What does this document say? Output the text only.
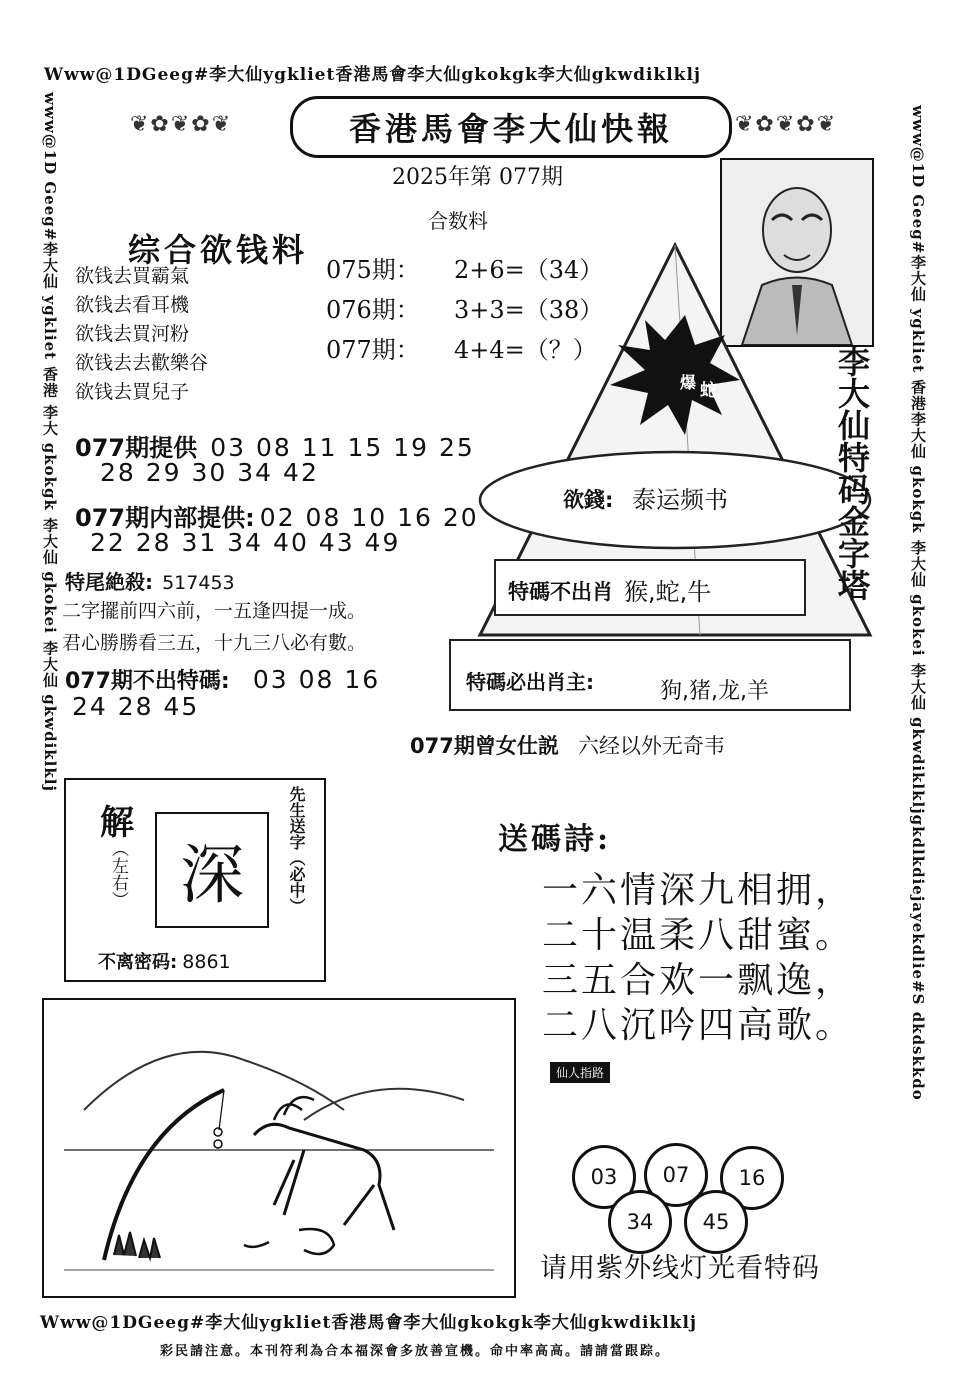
Www@1DGeeg#李大仙ygkliet香港馬會李大仙gkokgk李大仙gkwdiklklj
www@1D Geeg#李大仙 ygkliet 香港 李大 gkokgk 李大仙 gkokei 李大仙 gkwdiklklj	www@1D Geeg#李大仙 ygkliet 香港李大仙 gkokgk 李大仙 gkokei 李大仙 gkwdiklkljgkdlkdiejayekdlie#S dkdskkdo
❦✿❦✿❦	❦✿❦✿❦
香港馬會李大仙快報
2025年第 077期
合数料
综合欲钱料
欲钱去買霸氣
欲钱去看耳機
欲钱去買河粉
欲钱去去歡樂谷
欲钱去買兒子
075期： 2+6=（34）
076期： 3+3=（38）
077期： 4+4=（？）
爆 蛇	李大仙特码金字塔
欲錢: 泰运频书
特碼不出肖 猴,蛇,牛
特碼必出肖主:	狗,猪,龙,羊
077期提供 03 08 11 15 19 25
28 29 30 34 42
077期内部提供: 02 08 10 16 20
22 28 31 34 40 43 49
特尾絶殺: 517453
二字擺前四六前，一五逢四提一成。
君心勝勝看三五，十九三八必有數。
077期不出特碼: 03 08 16
24 28 45
077期曾女仕説 六经以外无奇韦
解
（左右） 深	先生送字（必中）
不离密码: 8861
送碼詩:
一六情深九相拥，
二十温柔八甜蜜。
三五合欢一飘逸，
二八沉吟四高歌。
仙人指路
03	07	16
34	45
请用紫外线灯光看特码
Www@1DGeeg#李大仙ygkliet香港馬會李大仙gkokgk李大仙gkwdiklklj
彩民請注意。本刊符利為合本福深會多放善宣機。命中率高高。請請當跟踪。
